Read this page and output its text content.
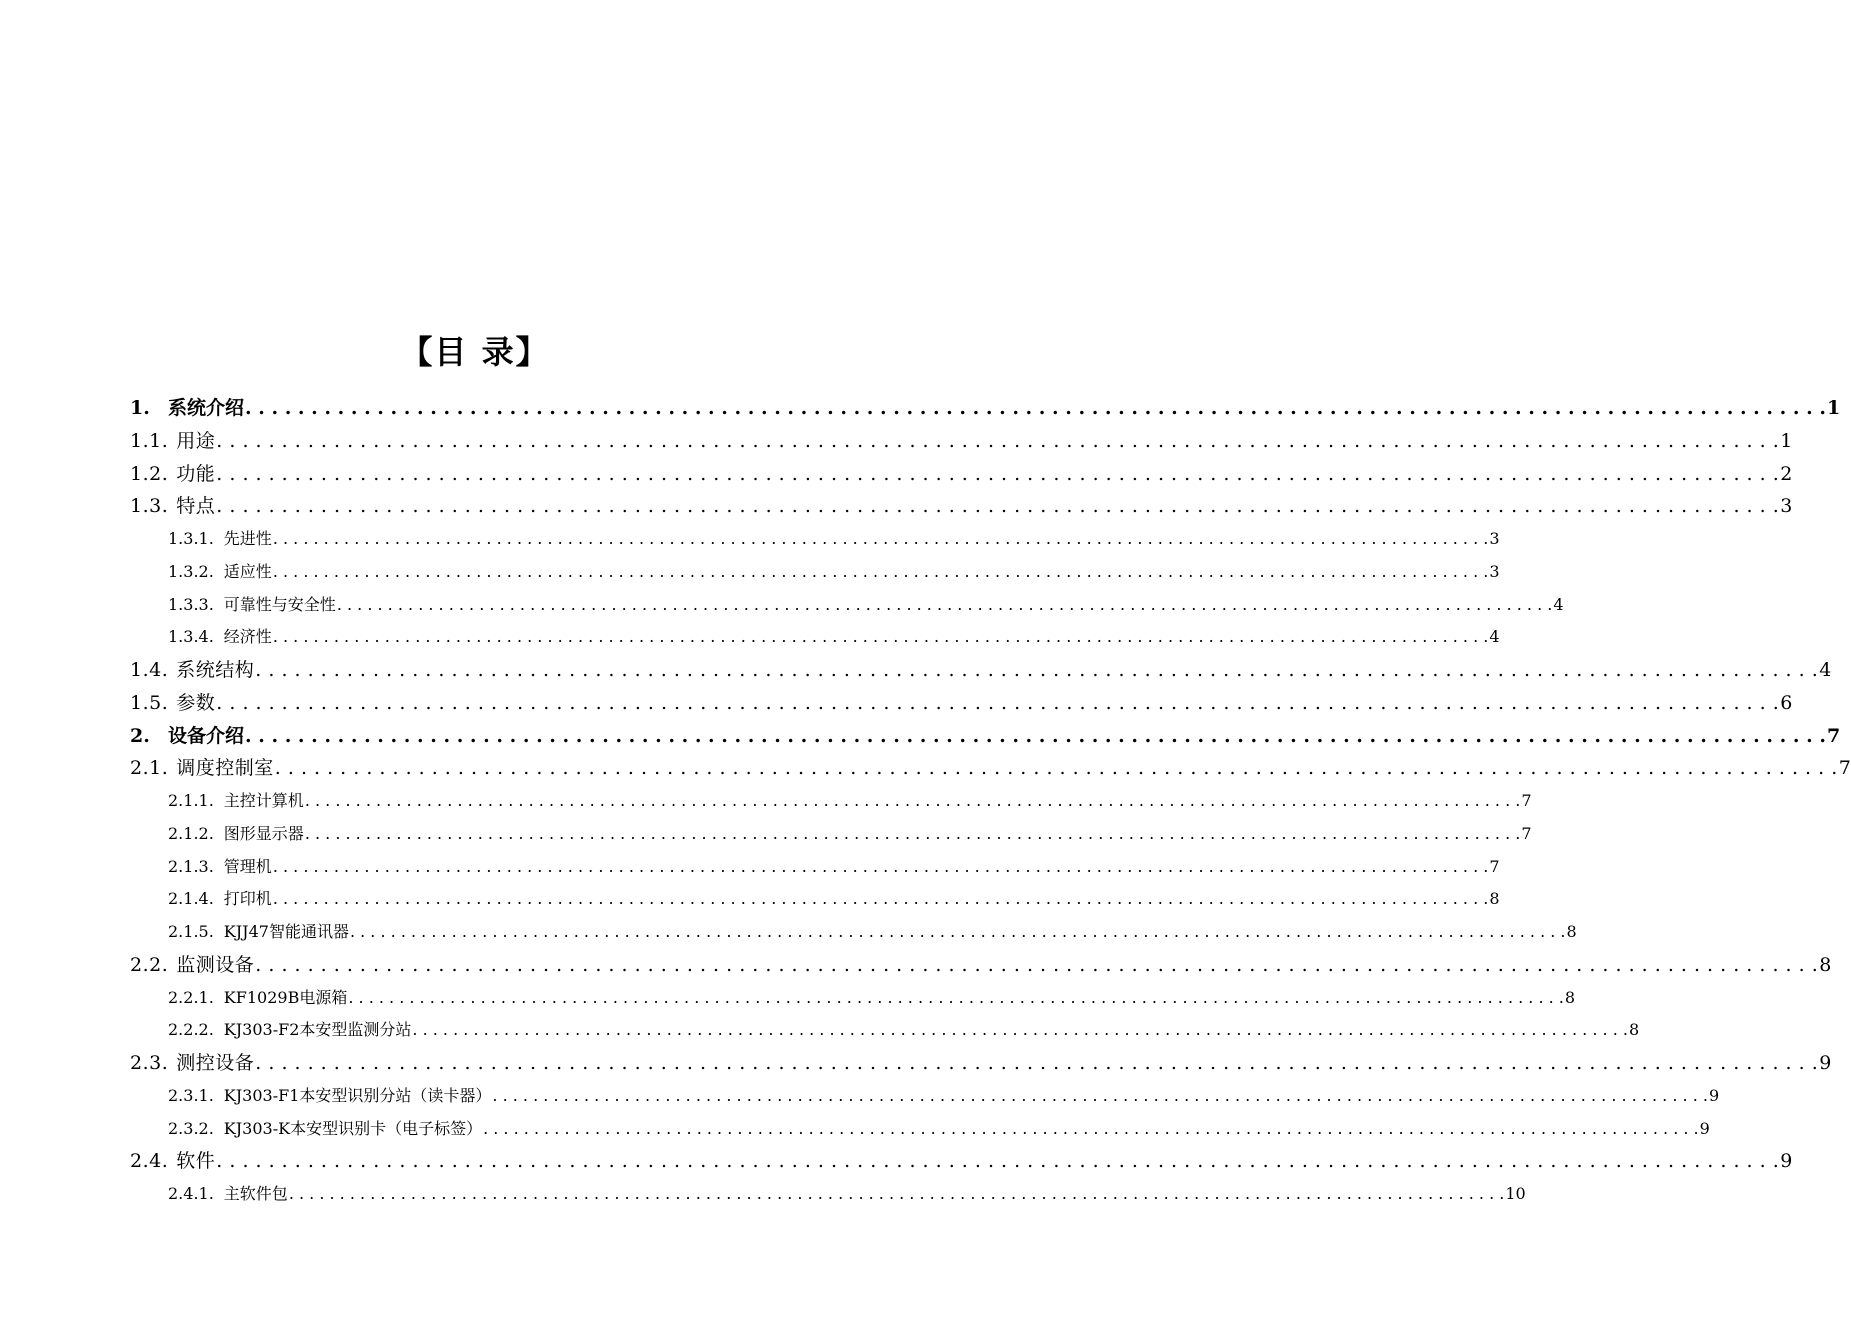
【目 录】
1. 系统介绍 . . . . . . . . . . . . . . . . . . . . . . . . . . . . . . . . . . . . . . . . . . . . . . . . . . . . . . . . . . . . . . . . . . . . . . . . . . . . . . . . . . . . . . . . . . . . . . . . . . . . . . . . . . . . . . . . . . . . . . . . 1
1.1. 用途 . . . . . . . . . . . . . . . . . . . . . . . . . . . . . . . . . . . . . . . . . . . . . . . . . . . . . . . . . . . . . . . . . . . . . . . . . . . . . . . . . . . . . . . . . . . . . . . . . . . . . . . . . . . . . . . . . . . . . . . . 1
1.2. 功能 . . . . . . . . . . . . . . . . . . . . . . . . . . . . . . . . . . . . . . . . . . . . . . . . . . . . . . . . . . . . . . . . . . . . . . . . . . . . . . . . . . . . . . . . . . . . . . . . . . . . . . . . . . . . . . . . . . . . . . . . 2
1.3. 特点 . . . . . . . . . . . . . . . . . . . . . . . . . . . . . . . . . . . . . . . . . . . . . . . . . . . . . . . . . . . . . . . . . . . . . . . . . . . . . . . . . . . . . . . . . . . . . . . . . . . . . . . . . . . . . . . . . . . . . . . . 3
1.3.1. 先进性 . . . . . . . . . . . . . . . . . . . . . . . . . . . . . . . . . . . . . . . . . . . . . . . . . . . . . . . . . . . . . . . . . . . . . . . . . . . . . . . . . . . . . . . . . . . . . . . . . . . . . . . . . . . . . . . . . . . . . . . . 3
1.3.2. 适应性 . . . . . . . . . . . . . . . . . . . . . . . . . . . . . . . . . . . . . . . . . . . . . . . . . . . . . . . . . . . . . . . . . . . . . . . . . . . . . . . . . . . . . . . . . . . . . . . . . . . . . . . . . . . . . . . . . . . . . . . . 3
1.3.3. 可靠性与安全性 . . . . . . . . . . . . . . . . . . . . . . . . . . . . . . . . . . . . . . . . . . . . . . . . . . . . . . . . . . . . . . . . . . . . . . . . . . . . . . . . . . . . . . . . . . . . . . . . . . . . . . . . . . . . . . . . . . . . . . . . 4
1.3.4. 经济性 . . . . . . . . . . . . . . . . . . . . . . . . . . . . . . . . . . . . . . . . . . . . . . . . . . . . . . . . . . . . . . . . . . . . . . . . . . . . . . . . . . . . . . . . . . . . . . . . . . . . . . . . . . . . . . . . . . . . . . . . 4
1.4. 系统结构 . . . . . . . . . . . . . . . . . . . . . . . . . . . . . . . . . . . . . . . . . . . . . . . . . . . . . . . . . . . . . . . . . . . . . . . . . . . . . . . . . . . . . . . . . . . . . . . . . . . . . . . . . . . . . . . . . . . . . . . . 4
1.5. 参数 . . . . . . . . . . . . . . . . . . . . . . . . . . . . . . . . . . . . . . . . . . . . . . . . . . . . . . . . . . . . . . . . . . . . . . . . . . . . . . . . . . . . . . . . . . . . . . . . . . . . . . . . . . . . . . . . . . . . . . . . 6
2. 设备介绍 . . . . . . . . . . . . . . . . . . . . . . . . . . . . . . . . . . . . . . . . . . . . . . . . . . . . . . . . . . . . . . . . . . . . . . . . . . . . . . . . . . . . . . . . . . . . . . . . . . . . . . . . . . . . . . . . . . . . . . . . 7
2.1. 调度控制室 . . . . . . . . . . . . . . . . . . . . . . . . . . . . . . . . . . . . . . . . . . . . . . . . . . . . . . . . . . . . . . . . . . . . . . . . . . . . . . . . . . . . . . . . . . . . . . . . . . . . . . . . . . . . . . . . . . . . . . . . 7
2.1.1. 主控计算机 . . . . . . . . . . . . . . . . . . . . . . . . . . . . . . . . . . . . . . . . . . . . . . . . . . . . . . . . . . . . . . . . . . . . . . . . . . . . . . . . . . . . . . . . . . . . . . . . . . . . . . . . . . . . . . . . . . . . . . . . 7
2.1.2. 图形显示器 . . . . . . . . . . . . . . . . . . . . . . . . . . . . . . . . . . . . . . . . . . . . . . . . . . . . . . . . . . . . . . . . . . . . . . . . . . . . . . . . . . . . . . . . . . . . . . . . . . . . . . . . . . . . . . . . . . . . . . . . 7
2.1.3. 管理机 . . . . . . . . . . . . . . . . . . . . . . . . . . . . . . . . . . . . . . . . . . . . . . . . . . . . . . . . . . . . . . . . . . . . . . . . . . . . . . . . . . . . . . . . . . . . . . . . . . . . . . . . . . . . . . . . . . . . . . . . 7
2.1.4. 打印机 . . . . . . . . . . . . . . . . . . . . . . . . . . . . . . . . . . . . . . . . . . . . . . . . . . . . . . . . . . . . . . . . . . . . . . . . . . . . . . . . . . . . . . . . . . . . . . . . . . . . . . . . . . . . . . . . . . . . . . . . 8
2.1.5. KJJ47智能通讯器 . . . . . . . . . . . . . . . . . . . . . . . . . . . . . . . . . . . . . . . . . . . . . . . . . . . . . . . . . . . . . . . . . . . . . . . . . . . . . . . . . . . . . . . . . . . . . . . . . . . . . . . . . . . . . . . . . . . . . . . . 8
2.2. 监测设备 . . . . . . . . . . . . . . . . . . . . . . . . . . . . . . . . . . . . . . . . . . . . . . . . . . . . . . . . . . . . . . . . . . . . . . . . . . . . . . . . . . . . . . . . . . . . . . . . . . . . . . . . . . . . . . . . . . . . . . . . 8
2.2.1. KF1029B电源箱 . . . . . . . . . . . . . . . . . . . . . . . . . . . . . . . . . . . . . . . . . . . . . . . . . . . . . . . . . . . . . . . . . . . . . . . . . . . . . . . . . . . . . . . . . . . . . . . . . . . . . . . . . . . . . . . . . . . . . . . . 8
2.2.2. KJ303-F2本安型监测分站 . . . . . . . . . . . . . . . . . . . . . . . . . . . . . . . . . . . . . . . . . . . . . . . . . . . . . . . . . . . . . . . . . . . . . . . . . . . . . . . . . . . . . . . . . . . . . . . . . . . . . . . . . . . . . . . . . . . . . . . . 8
2.3. 测控设备 . . . . . . . . . . . . . . . . . . . . . . . . . . . . . . . . . . . . . . . . . . . . . . . . . . . . . . . . . . . . . . . . . . . . . . . . . . . . . . . . . . . . . . . . . . . . . . . . . . . . . . . . . . . . . . . . . . . . . . . . 9
2.3.1. KJ303-F1本安型识别分站（读卡器） . . . . . . . . . . . . . . . . . . . . . . . . . . . . . . . . . . . . . . . . . . . . . . . . . . . . . . . . . . . . . . . . . . . . . . . . . . . . . . . . . . . . . . . . . . . . . . . . . . . . . . . . . . . . . . . . . . . . . . . . 9
2.3.2. KJ303-K本安型识别卡（电子标签） . . . . . . . . . . . . . . . . . . . . . . . . . . . . . . . . . . . . . . . . . . . . . . . . . . . . . . . . . . . . . . . . . . . . . . . . . . . . . . . . . . . . . . . . . . . . . . . . . . . . . . . . . . . . . . . . . . . . . . . . 9
2.4. 软件 . . . . . . . . . . . . . . . . . . . . . . . . . . . . . . . . . . . . . . . . . . . . . . . . . . . . . . . . . . . . . . . . . . . . . . . . . . . . . . . . . . . . . . . . . . . . . . . . . . . . . . . . . . . . . . . . . . . . . . . . 9
2.4.1. 主软件包 . . . . . . . . . . . . . . . . . . . . . . . . . . . . . . . . . . . . . . . . . . . . . . . . . . . . . . . . . . . . . . . . . . . . . . . . . . . . . . . . . . . . . . . . . . . . . . . . . . . . . . . . . . . . . . . . . . . . . . . . 10
